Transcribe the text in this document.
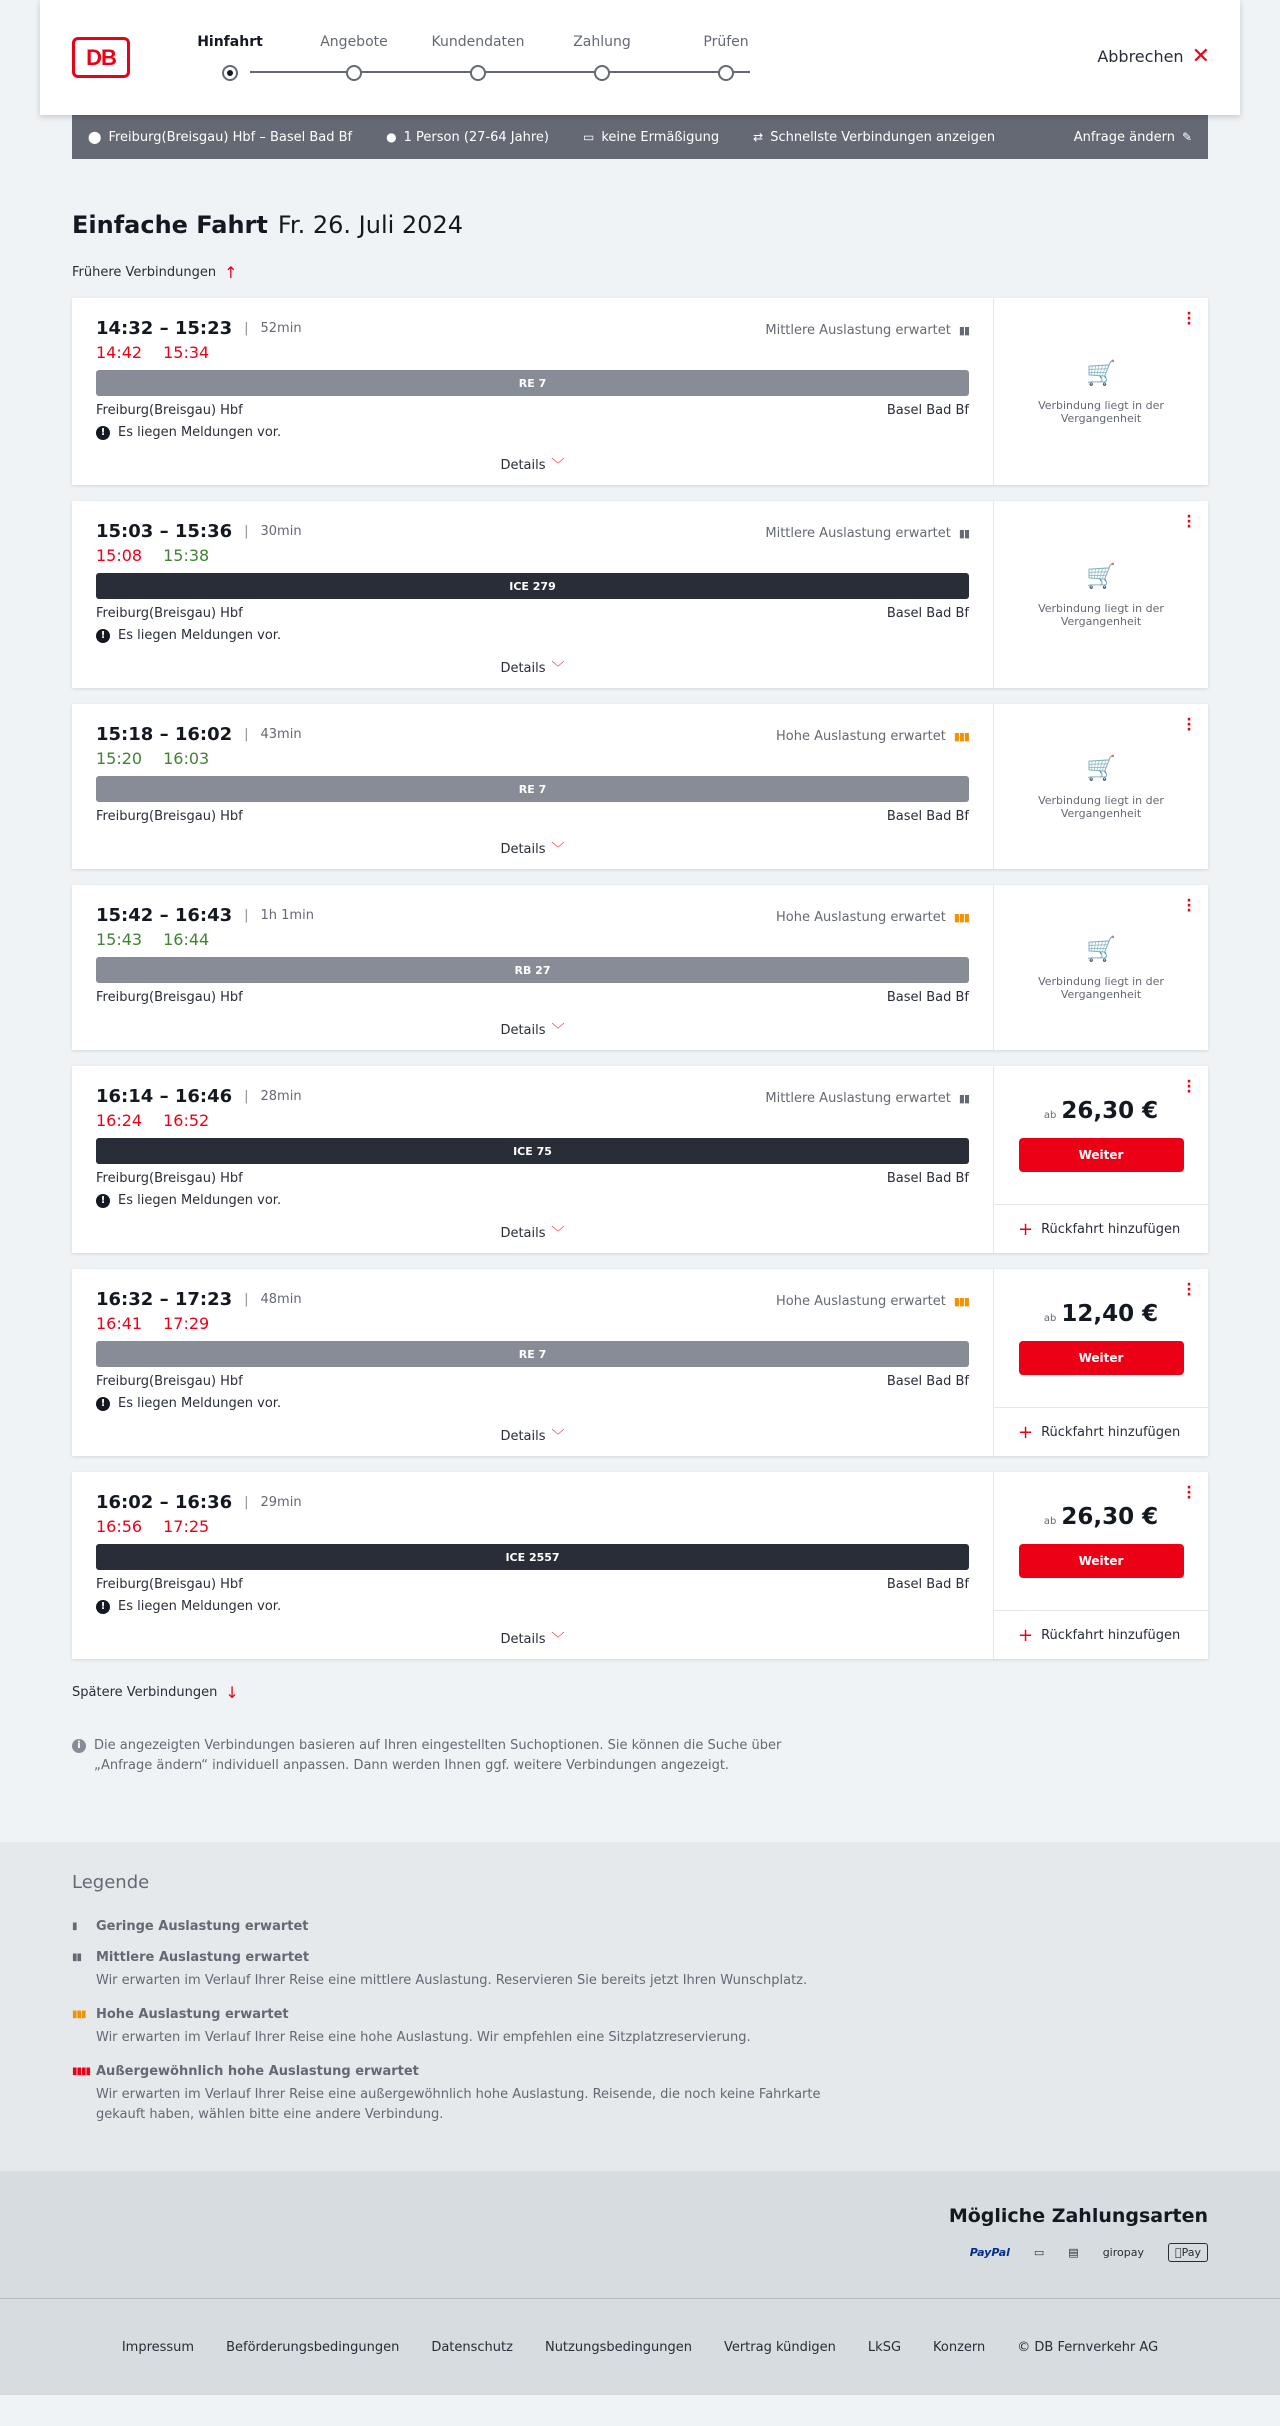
DB
Hinfahrt	Angebote	Kundendaten	Zahlung	Prüfen
Abbrechen ✕
⬤ Freiburg(Breisgau) Hbf – Basel Bad Bf	● 1 Person (27-64 Jahre)	▭ keine Ermäßigung	⇄ Schnellste Verbindungen anzeigen	Anfrage ändern ✎
Einfache Fahrt Fr. 26. Juli 2024
Frühere Verbindungen ↑
14:32 – 15:23 | 52min	Mittlere Auslastung erwartet ▮▮
14:42 15:34
RE 7
Freiburg(Breisgau) Hbf	Basel Bad Bf
! Es liegen Meldungen vor.
Details ﹀
· · ·
🛒
Verbindung liegt in der Vergangenheit
15:03 – 15:36 | 30min	Mittlere Auslastung erwartet ▮▮
15:08 15:38
ICE 279
Freiburg(Breisgau) Hbf	Basel Bad Bf
! Es liegen Meldungen vor.
Details ﹀
· · ·
🛒
Verbindung liegt in der Vergangenheit
15:18 – 16:02 | 43min	Hohe Auslastung erwartet ▮▮▮
15:20 16:03
RE 7
Freiburg(Breisgau) Hbf	Basel Bad Bf
Details ﹀
· · ·
🛒
Verbindung liegt in der Vergangenheit
15:42 – 16:43 | 1h 1min	Hohe Auslastung erwartet ▮▮▮
15:43 16:44
RB 27
Freiburg(Breisgau) Hbf	Basel Bad Bf
Details ﹀
· · ·
🛒
Verbindung liegt in der Vergangenheit
16:14 – 16:46 | 28min	Mittlere Auslastung erwartet ▮▮
16:24 16:52
ICE 75
Freiburg(Breisgau) Hbf	Basel Bad Bf
! Es liegen Meldungen vor.
Details ﹀
· · ·
ab 26,30 €
Weiter
+ Rückfahrt hinzufügen
16:32 – 17:23 | 48min	Hohe Auslastung erwartet ▮▮▮
16:41 17:29
RE 7
Freiburg(Breisgau) Hbf	Basel Bad Bf
! Es liegen Meldungen vor.
Details ﹀
· · ·
ab 12,40 €
Weiter
+ Rückfahrt hinzufügen
16:02 – 16:36 | 29min
16:56 17:25
ICE 2557
Freiburg(Breisgau) Hbf	Basel Bad Bf
! Es liegen Meldungen vor.
Details ﹀
· · ·
ab 26,30 €
Weiter
+ Rückfahrt hinzufügen
Spätere Verbindungen ↓
i	Die angezeigten Verbindungen basieren auf Ihren eingestellten Suchoptionen. Sie können die Suche über „Anfrage ändern“ individuell anpassen. Dann werden Ihnen ggf. weitere Verbindungen angezeigt.
Legende
▮	Geringe Auslastung erwartet
▮▮	Mittlere Auslastung erwartet
Wir erwarten im Verlauf Ihrer Reise eine mittlere Auslastung. Reservieren Sie bereits jetzt Ihren Wunschplatz.
▮▮▮ Hohe Auslastung erwartet
Wir erwarten im Verlauf Ihrer Reise eine hohe Auslastung. Wir empfehlen eine Sitzplatzreservierung.
▮▮▮▮ Außergewöhnlich hohe Auslastung erwartet
Wir erwarten im Verlauf Ihrer Reise eine außergewöhnlich hohe Auslastung. Reisende, die noch keine Fahrkarte gekauft haben, wählen bitte eine andere Verbindung.
Mögliche Zahlungsarten
PayPal	▭	▤	giropay	Pay
Impressum Beförderungsbedingungen Datenschutz Nutzungsbedingungen Vertrag kündigen LkSG Konzern © DB Fernverkehr AG
